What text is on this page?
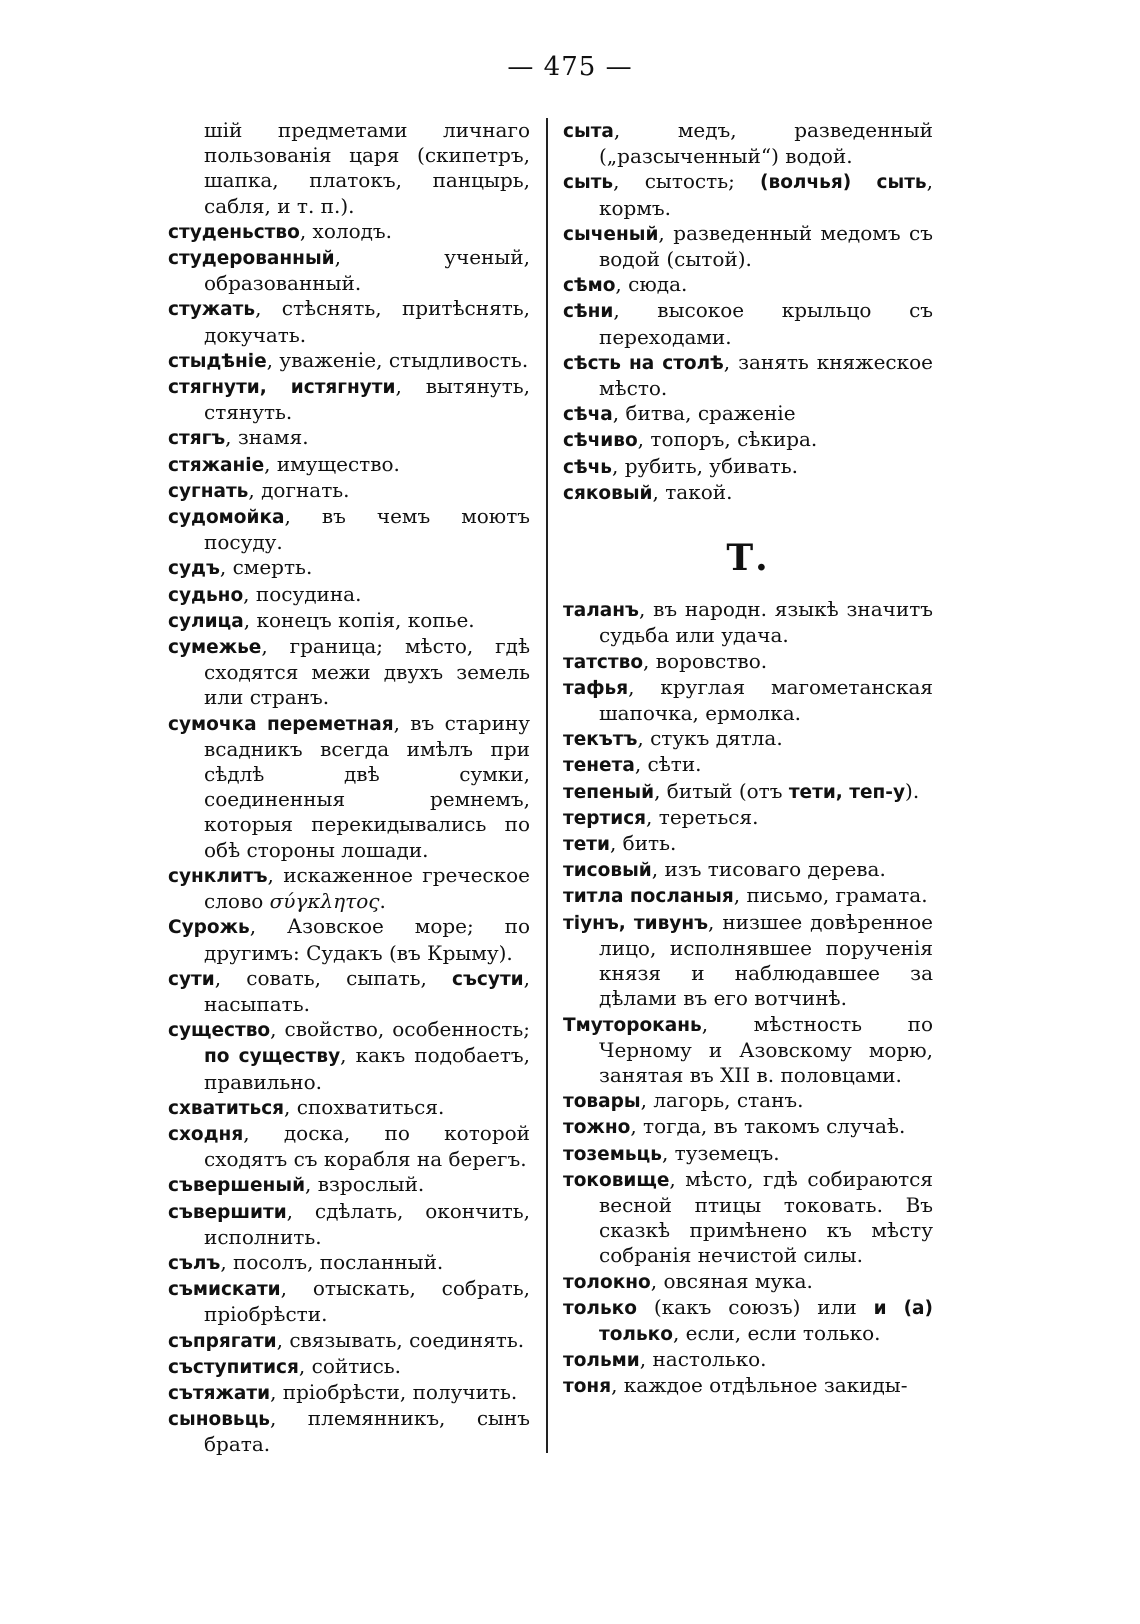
— 475 —

шій предметами личнаго пользованія царя (скипетръ, шапка, платокъ, панцырь, сабля, и т. п.).

студеньство, холодъ.

студерованный, ученый, образованный.

стужать, стѣснять, притѣснять, докучать.

стыдѣніе, уваженіе, стыдливость.

стягнути, истягнути, вытянуть, стянуть.

стягъ, знамя.

стяжаніе, имущество.

сугнать, догнать.

судомойка, въ чемъ моютъ посуду.

судъ, смерть.

судьно, посудина.

сулица, конецъ копія, копье.

сумежье, граница; мѣсто, гдѣ сходятся межи двухъ земель или странъ.

сумочка переметная, въ старину всадникъ всегда имѣлъ при сѣдлѣ двѣ сумки, соединенныя ремнемъ, которыя перекидывались по обѣ стороны лошади.

сунклитъ, искаженное греческое слово σύγκλητος.

Сурожь, Азовское море; по другимъ: Судакъ (въ Крыму).

сути, совать, сыпать, съсути, насыпать.

существо, свойство, особенность; по существу, какъ подобаетъ, правильно.

схватиться, спохватиться.

сходня, доска, по которой сходятъ съ корабля на берегъ.

съвершеный, взрослый.

съвершити, сдѣлать, окончить, исполнить.

сълъ, посолъ, посланный.

съмискати, отыскать, собрать, пріобрѣсти.

съпрягати, связывать, соединять.

съступитися, сойтись.

сътяжати, пріобрѣсти, получить.

сыновьць, племянникъ, сынъ брата.

сыта, медъ, разведенный („разсыченный“) водой.

сыть, сытость; (волчья) сыть, кормъ.

сыченый, разведенный медомъ съ водой (сытой).

сѣмо, сюда.

сѣни, высокое крыльцо съ переходами.

сѣсть на столѣ, занять княжеское мѣсто.

сѣча, битва, сраженіе

сѣчиво, топоръ, сѣкира.

сѣчь, рубить, убивать.

сяковый, такой.

Т.

таланъ, въ народн. языкѣ значитъ судьба или удача.

татство, воровство.

тафья, круглая магометанская шапочка, ермолка.

текътъ, стукъ дятла.

тенета, сѣти.

тепеный, битый (отъ тети, теп-у).

тертися, тереться.

тети, бить.

тисовый, изъ тисоваго дерева.

титла посланыя, письмо, грамата.

тіунъ, тивунъ, низшее довѣренное лицо, исполнявшее порученія князя и наблюдавшее за дѣлами въ его вотчинѣ.

Тмуторокань, мѣстность по Черному и Азовскому морю, занятая въ XII в. половцами.

товары, лагорь, станъ.

тожно, тогда, въ такомъ случаѣ.

тоземьць, туземецъ.

токовище, мѣсто, гдѣ собираются весной птицы токовать. Въ сказкѣ примѣнено къ мѣсту собранія нечистой силы.

толокно, овсяная мука.

только (какъ союзъ) или и (а) только, если, если только.

тольми, настолько.

тоня, каждое отдѣльное закиды-
